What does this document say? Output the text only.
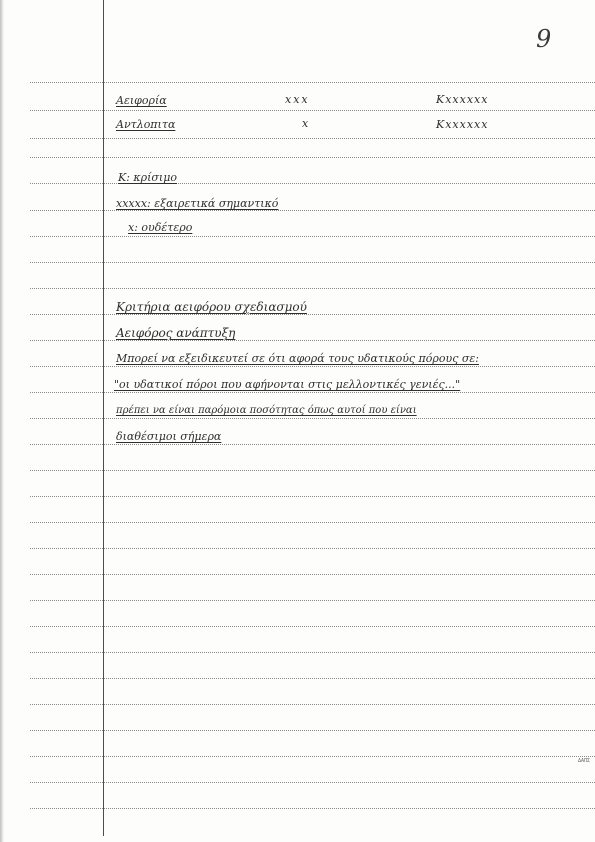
9
ΔΑΠΣ
Αειφορία	xxx	Kxxxxxx
Αντλοπιτα	x	Kxxxxxx
K: κρίσιμο
xxxxx: εξαιρετικά σημαντικό
x: ουδέτερο
Κριτήρια αειφόρου σχεδιασμού
Αειφόρος ανάπτυξη
Μπορεί να εξειδικευτεί σε ότι αφορά τους υδατικούς πόρους σε:
"οι υδατικοί πόροι που αφήνονται στις μελλοντικές γενιές..."
πρέπει να είναι παρόμοια ποσότητας όπως αυτοί που είναι
διαθέσιμοι σήμερα
